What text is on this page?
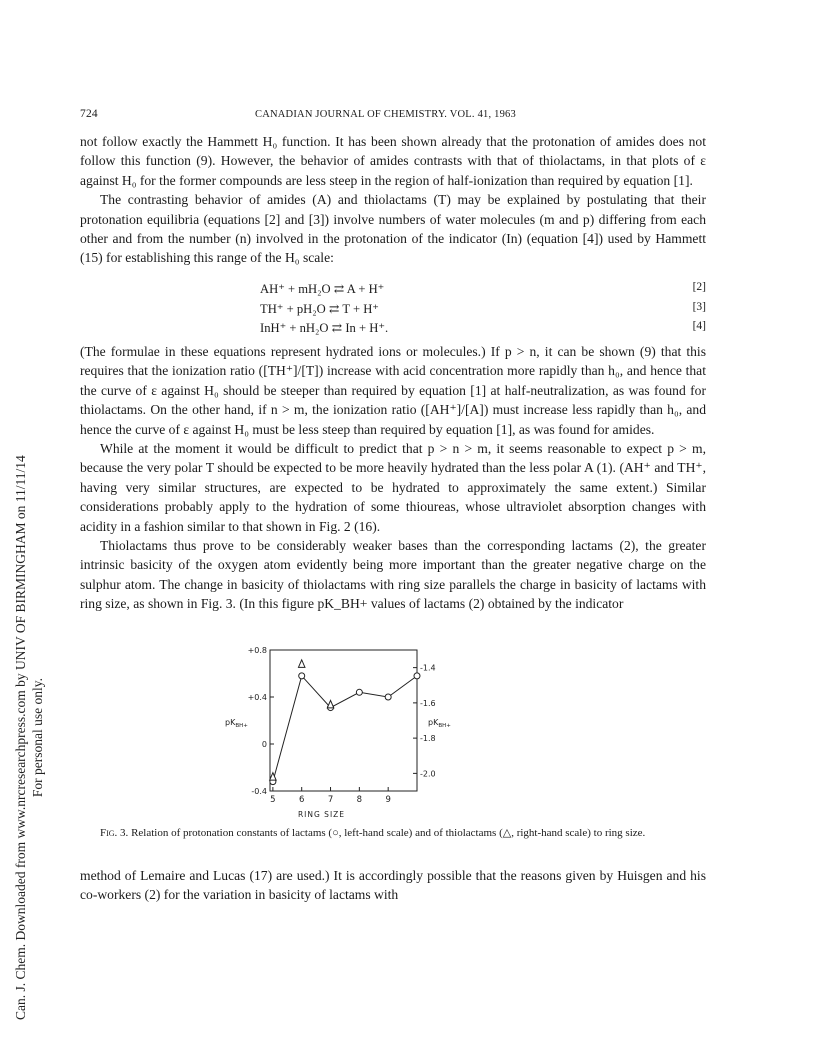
Can. J. Chem. Downloaded from www.nrcresearchpress.com by UNIV OF BIRMINGHAM on 11/11/14 For personal use only.
724	CANADIAN JOURNAL OF CHEMISTRY. VOL. 41, 1963

not follow exactly the Hammett H₀ function. It has been shown already that the protonation of amides does not follow this function (9). However, the behavior of amides contrasts with that of thiolactams, in that plots of ε against H₀ for the former compounds are less steep in the region of half-ionization than required by equation [1].

The contrasting behavior of amides (A) and thiolactams (T) may be explained by postulating that their protonation equilibria (equations [2] and [3]) involve numbers of water molecules (m and p) differing from each other and from the number (n) involved in the protonation of the indicator (In) (equation [4]) used by Hammett (15) for establishing this range of the H₀ scale:

AH⁺ + mH₂O ⇄ A + H⁺	[2]
TH⁺ + pH₂O ⇄ T + H⁺	[3]
InH⁺ + nH₂O ⇄ In + H⁺.	[4]

(The formulae in these equations represent hydrated ions or molecules.) If p > n, it can be shown (9) that this requires that the ionization ratio ([TH⁺]/[T]) increase with acid concentration more rapidly than h₀, and hence that the curve of ε against H₀ should be steeper than required by equation [1] at half-neutralization, as was found for thiolactams. On the other hand, if n > m, the ionization ratio ([AH⁺]/[A]) must increase less rapidly than h₀, and hence the curve of ε against H₀ must be less steep than required by equation [1], as was found for amides.

While at the moment it would be difficult to predict that p > n > m, it seems reasonable to expect p > m, because the very polar T should be expected to be more heavily hydrated than the less polar A (1). (AH⁺ and TH⁺, having very similar structures, are expected to be hydrated to approximately the same extent.) Similar considerations probably apply to the hydration of some thioureas, whose ultraviolet absorption changes with acidity in a fashion similar to that shown in Fig. 2 (16).

Thiolactams thus prove to be considerably weaker bases than the corresponding lactams (2), the greater intrinsic basicity of the oxygen atom evidently being more important than the greater negative charge on the sulphur atom. The change in basicity of thiolactams with ring size parallels the charge in basicity of lactams with ring size, as shown in Fig. 3. (In this figure pK_BH+ values of lactams (2) obtained by the indicator

+0.8
+0.4
0
-0.4
-1.4
-1.6
-1.8
-2.0
5	6	7	8	9
RING SIZE
$pK_{BH+}$	$pK_{BH+}$

Fig. 3. Relation of protonation constants of lactams (○, left-hand scale) and of thiolactams (△, right-hand scale) to ring size.

method of Lemaire and Lucas (17) are used.) It is accordingly possible that the reasons given by Huisgen and his co-workers (2) for the variation in basicity of lactams with
